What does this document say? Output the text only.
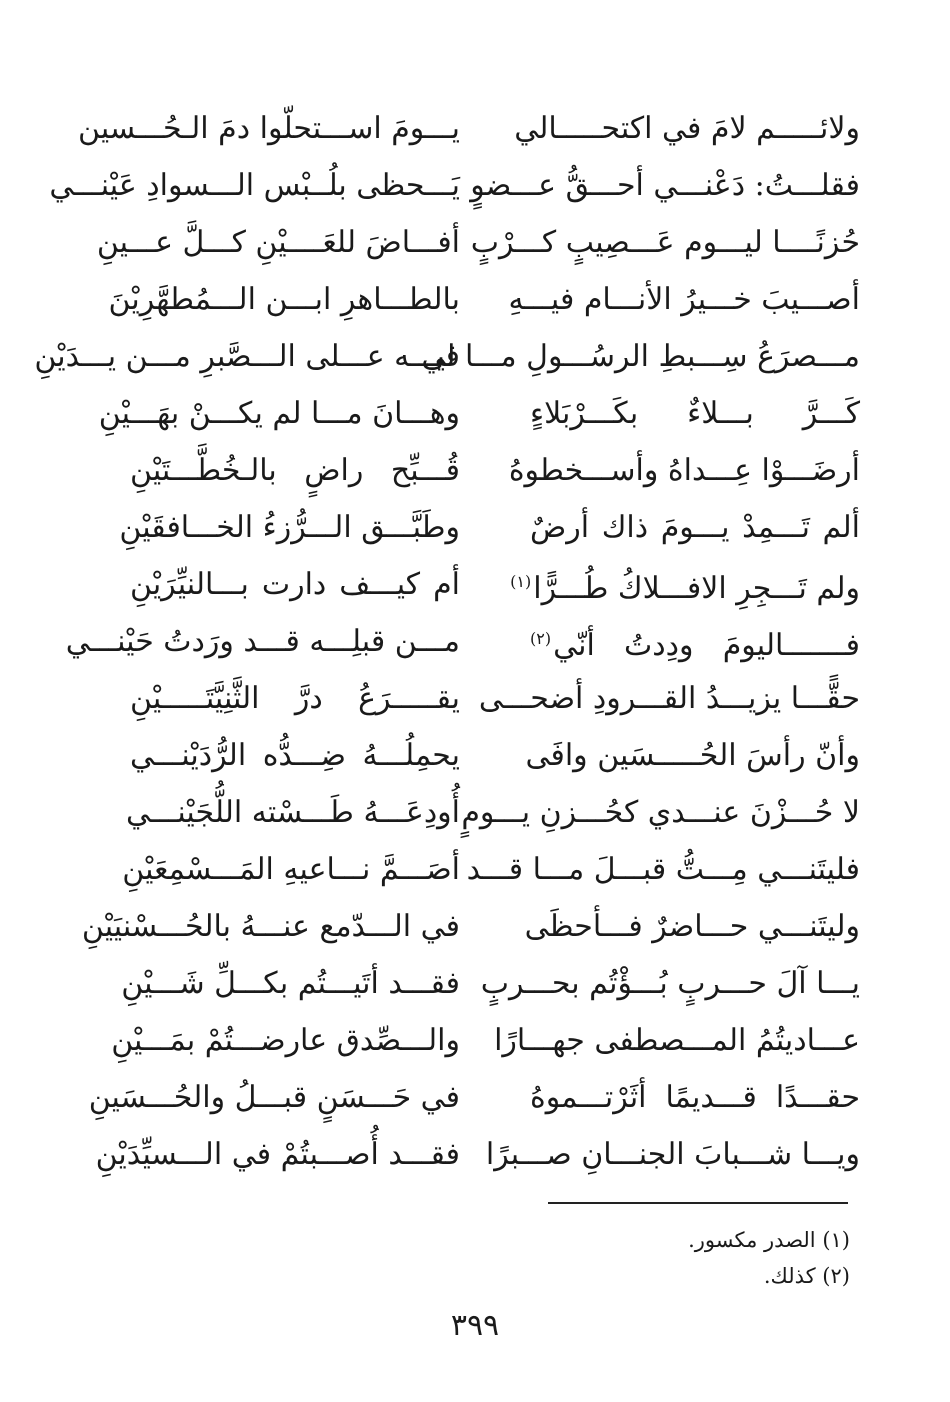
ولائـــــم لامَ في اكتحـــــالي
يـــومَ اســـتحلّوا دمَ الـحُـــسين
فقلـــتُ: دَعْنـــي أحـــقُّ عـــضوٍ
يَـــحظى بلُــبْس الـــسوادِ عَيْنـــي
حُزنًــــا ليـــوم عَـــصِيبٍ كـــرْبٍ
أفـــاضَ للعَــــيْنِ كـــلَّ عـــينِ
أصـــيبَ خـــيرُ الأنـــام فيـــهِ
بالطـــاهرِ ابـــن الـــمُطهَّرِيْنَ
مـــصرَعُ سِـــبطِ الرسُـــولِ مـــا لي
فيـــه عـــلى الـــصَّبرِ مـــن يـــدَيْنِ
كَـــرَّ بـــلاءٌ بكَـــرْبَلاءٍ
وهـــانَ مـــا لم يكـــنْ بهَـــيْنِ
أرضَـــوْا عِـــداهُ وأســـخطوهُ
قُـــبِّح راضٍ بالـخُطَّـــتَيْنِ
ألم تَـــمِدْ يـــومَ ذاك أرضٌ
وطَبَّـــق الـــرُّزءُ الخـــافقَيْنِ
ولم تَـــجِرِ الافـــلاكُ طُـــرًّا$^{(١)}$
أم كيـــف دارت بـــالنيِّرَيْنِ
فـــــــاليومَ ودِدتُ أنّي$^{(٢)}$
مـــن قبلِـــه قـــد ورَدتُ حَيْنـــي
حقًّـــا يزيـــدُ القـــرودِ أضحـــى
يقـــــرَعُ درَّ الثَّنِيَّتَـــــيْنِ
وأنّ رأسَ الحُـــــسَين وافَى
يحمِلُـــهُ ضِـــدُّه الرُّدَيْنـــي
لا حُـــزْنَ عنـــدي كحُـــزنِ يـــومٍ
أُودِعَـــهُ طَـــسْته اللُّجَيْنـــي
فليتَنـــي مِـــتُّ قبـــلَ مـــا قـــد
أصَـــمَّ نـــاعيهِ المَـــسْمِعَيْنِ
وليتَنـــي حـــاضرٌ فـــأحظَى
في الـــدّمع عنـــهُ بالحُـــسْنيَيْنِ
يـــا آلَ حـــربٍ بُـــؤْتُم بحـــربٍ
فقـــد أتَيـــتُم بكـــلِّ شَـــيْنِ
عـــاديتُمُ المـــصطفى جهـــارًا
والـــصِّدق عارضـــتُمْ بمَـــيْنِ
حقـــدًا قـــديمًا أثَرْتـــموهُ
في حَـــسَنٍ قبـــلُ والحُـــسَينِ
ويـــا شـــبابَ الجنـــانِ صـــبرًا
فقـــد أُصـــبتُمْ في الـــسيِّدَيْنِ
(١) الصدر مكسور.
(٢) كذلك.
٣٩٩
